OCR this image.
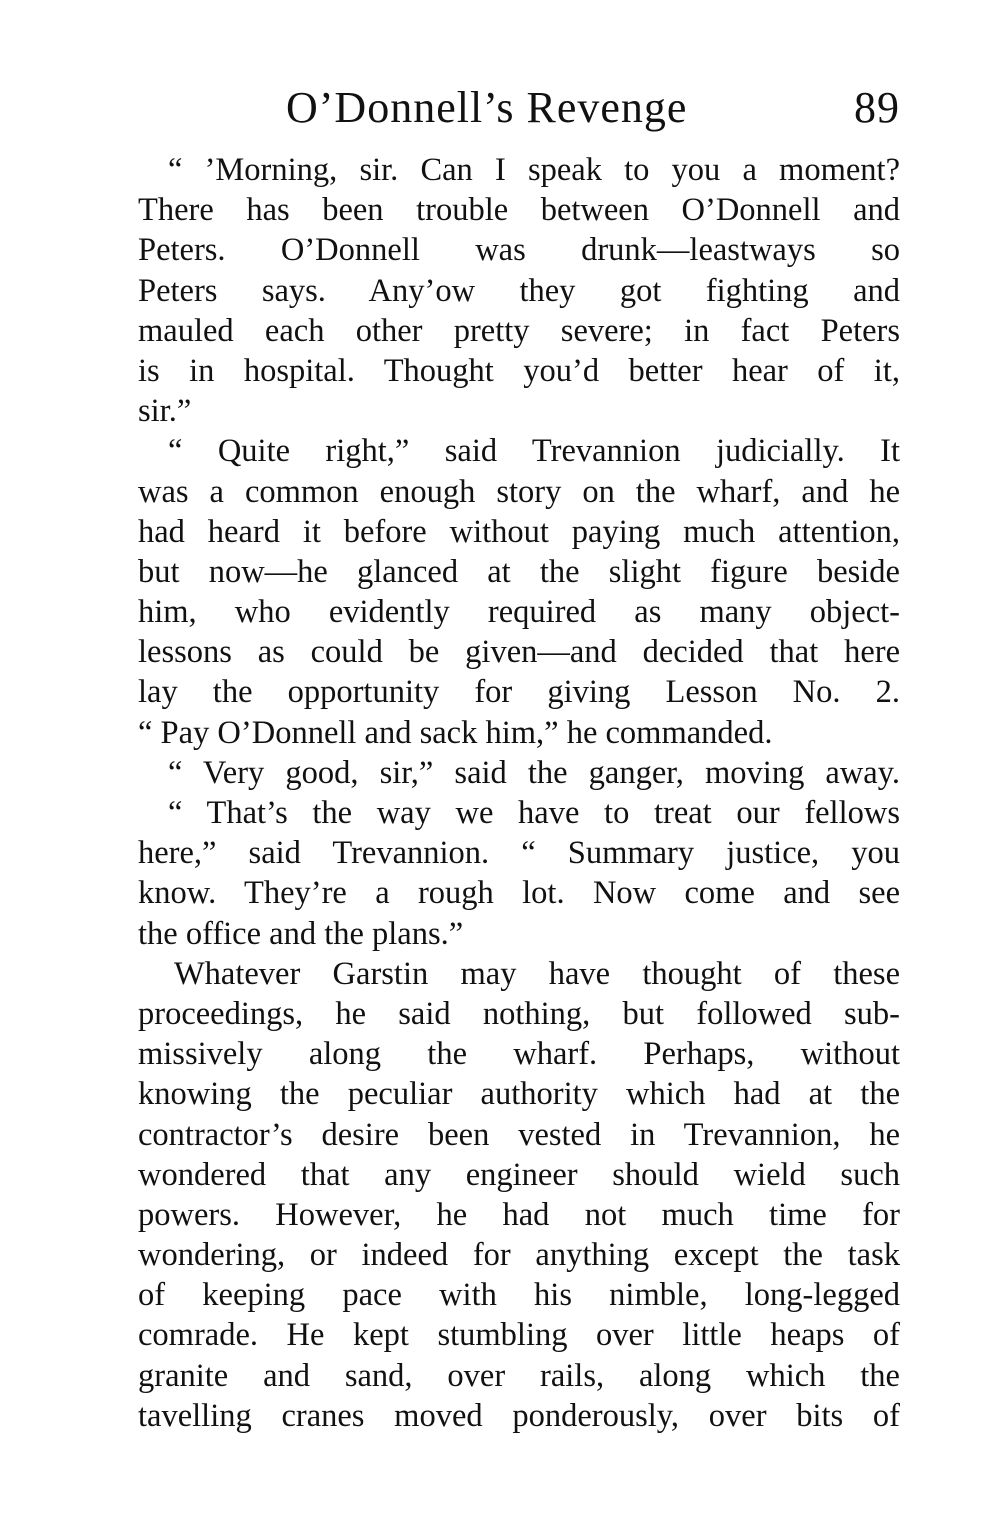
O’Donnell’s Revenge	89
“ ’Morning, sir. Can I speak to you a moment?
There has been trouble between O’Donnell and
Peters. O’Donnell was drunk—leastways so
Peters says. Any’ow they got fighting and
mauled each other pretty severe; in fact Peters
is in hospital. Thought you’d better hear of it,
sir.”
“ Quite right,” said Trevannion judicially. It
was a common enough story on the wharf, and he
had heard it before without paying much attention,
but now—he glanced at the slight figure beside
him, who evidently required as many object-
lessons as could be given—and decided that here
lay the opportunity for giving Lesson No. 2.
“ Pay O’Donnell and sack him,” he commanded.
“ Very good, sir,” said the ganger, moving away.
“ That’s the way we have to treat our fellows
here,” said Trevannion. “ Summary justice, you
know. They’re a rough lot. Now come and see
the office and the plans.”
Whatever Garstin may have thought of these
proceedings, he said nothing, but followed sub-
missively along the wharf. Perhaps, without
knowing the peculiar authority which had at the
contractor’s desire been vested in Trevannion, he
wondered that any engineer should wield such
powers. However, he had not much time for
wondering, or indeed for anything except the task
of keeping pace with his nimble, long-legged
comrade. He kept stumbling over little heaps of
granite and sand, over rails, along which the
tavelling cranes moved ponderously, over bits of
